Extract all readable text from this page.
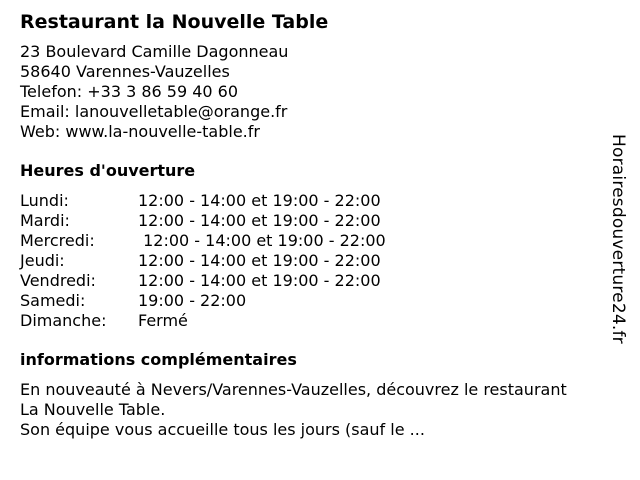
Restaurant la Nouvelle Table
23 Boulevard Camille Dagonneau
58640 Varennes-Vauzelles
Telefon: +33 3 86 59 40 60
Email: lanouvelletable@orange.fr
Web: www.la-nouvelle-table.fr
Heures d'ouverture
Lundi:	12:00 - 14:00 et 19:00 - 22:00
Mardi:	12:00 - 14:00 et 19:00 - 22:00
Mercredi:	12:00 - 14:00 et 19:00 - 22:00
Jeudi:	12:00 - 14:00 et 19:00 - 22:00
Vendredi:	12:00 - 14:00 et 19:00 - 22:00
Samedi:	19:00 - 22:00
Dimanche:	Fermé
informations complémentaires
En nouveauté à Nevers/Varennes-Vauzelles, découvrez le restaurant
La Nouvelle Table.
Son équipe vous accueille tous les jours (sauf le ...
Horairesdouverture24.fr
